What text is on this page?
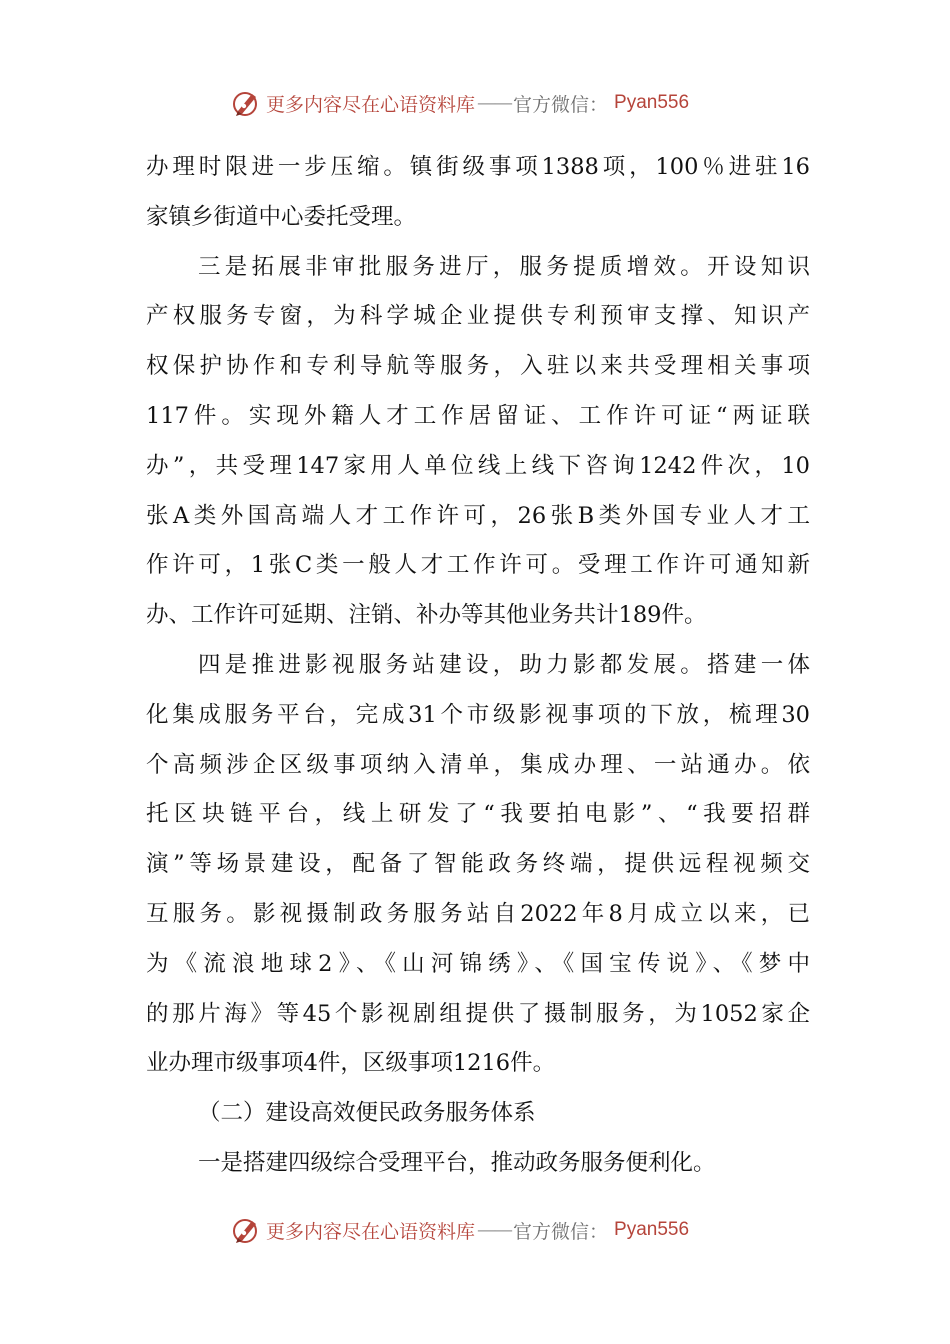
更多内容尽在心语资料库 —— 官方微信： Pyan556
办理时限进一步压缩。镇街级事项1388项，100％进驻16
家镇乡街道中心委托受理。
三是拓展非审批服务进厅，服务提质增效。开设知识
产权服务专窗，为科学城企业提供专利预审支撑、知识产
权保护协作和专利导航等服务，入驻以来共受理相关事项
117件。实现外籍人才工作居留证、工作许可证“两证联
办”，共受理147家用人单位线上线下咨询1242件次，10
张A类外国高端人才工作许可，26张B类外国专业人才工
作许可，1张C类一般人才工作许可。受理工作许可通知新
办、工作许可延期、注销、补办等其他业务共计189件。
四是推进影视服务站建设，助力影都发展。搭建一体
化集成服务平台，完成31个市级影视事项的下放，梳理30
个高频涉企区级事项纳入清单，集成办理、一站通办。依
托区块链平台，线上研发了“我要拍电影”、“我要招群
演”等场景建设，配备了智能政务终端，提供远程视频交
互服务。影视摄制政务服务站自2022年8月成立以来，已
为《流浪地球2》、《山河锦绣》、《国宝传说》、《梦中
的那片海》等45个影视剧组提供了摄制服务，为1052家企
业办理市级事项4件，区级事项1216件。
（二）建设高效便民政务服务体系
一是搭建四级综合受理平台，推动政务服务便利化。
更多内容尽在心语资料库 —— 官方微信： Pyan556
